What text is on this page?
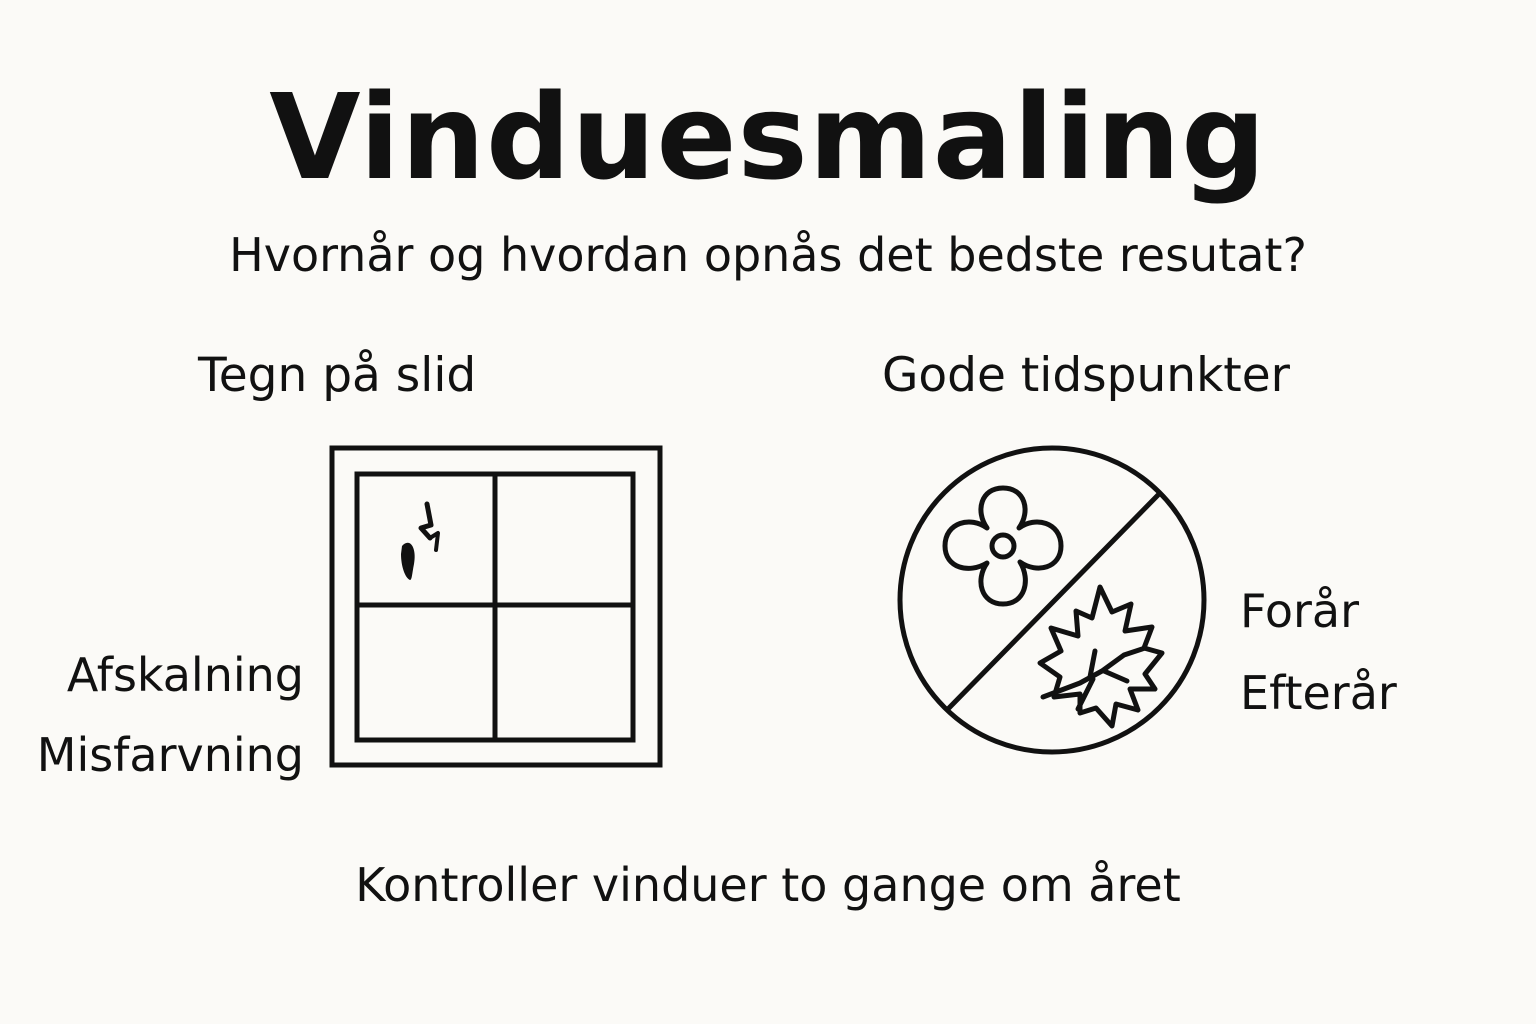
Vinduesmaling
Hvornår og hvordan opnås det bedste resutat?
Tegn på slid	Gode tidspunkter
Afskalning
Misfarvning
Forår
Efterår
Kontroller vinduer to gange om året
